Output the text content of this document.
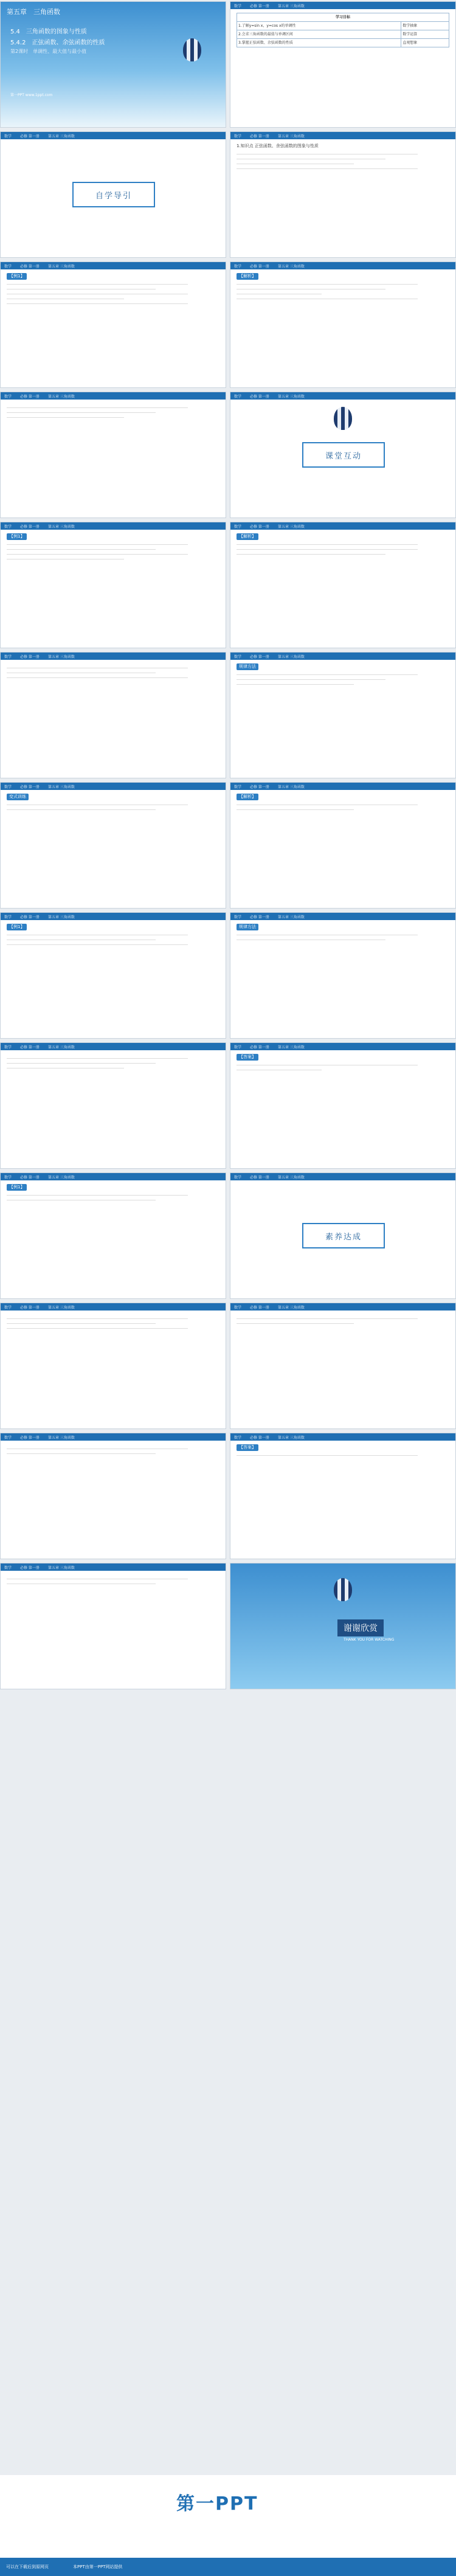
第五章　三角函数
5.4　三角函数的图象与性质
5.4.2　正弦函数、余弦函数的性质
第2课时　单调性、最大值与最小值
第一PPT www.1ppt.com
数学 必修 第一册 第五章 三角函数
学习目标	
1.了解y=sin x，y=cos x的单调性	数学抽象
2.会求三角函数的最值与单调区间	数学运算
3.掌握正弦函数、余弦函数的性质	直观想象
数学 必修 第一册 第五章 三角函数
自学导引
数学 必修 第一册 第五章 三角函数
1.知识点 正弦函数、余弦函数的图象与性质
数学 必修 第一册 第五章 三角函数
【例1】
数学 必修 第一册 第五章 三角函数
【解析】
数学 必修 第一册 第五章 三角函数	数学 必修 第一册 第五章 三角函数
课堂互动
数学 必修 第一册 第五章 三角函数
【例1】
数学 必修 第一册 第五章 三角函数
【解析】
数学 必修 第一册 第五章 三角函数	数学 必修 第一册 第五章 三角函数
规律方法
数学 必修 第一册 第五章 三角函数
变式训练
数学 必修 第一册 第五章 三角函数
【解析】
数学 必修 第一册 第五章 三角函数
【例1】
数学 必修 第一册 第五章 三角函数
规律方法
数学 必修 第一册 第五章 三角函数	数学 必修 第一册 第五章 三角函数
【答案】
数学 必修 第一册 第五章 三角函数
【例1】
数学 必修 第一册 第五章 三角函数
素养达成
数学 必修 第一册 第五章 三角函数	数学 必修 第一册 第五章 三角函数
数学 必修 第一册 第五章 三角函数	数学 必修 第一册 第五章 三角函数
【答案】
数学 必修 第一册 第五章 三角函数
谢谢欣赏
THANK YOU FOR WATCHING
第一PPT
可以在下载后到原网页	本PPT由第一PPT网站提供
